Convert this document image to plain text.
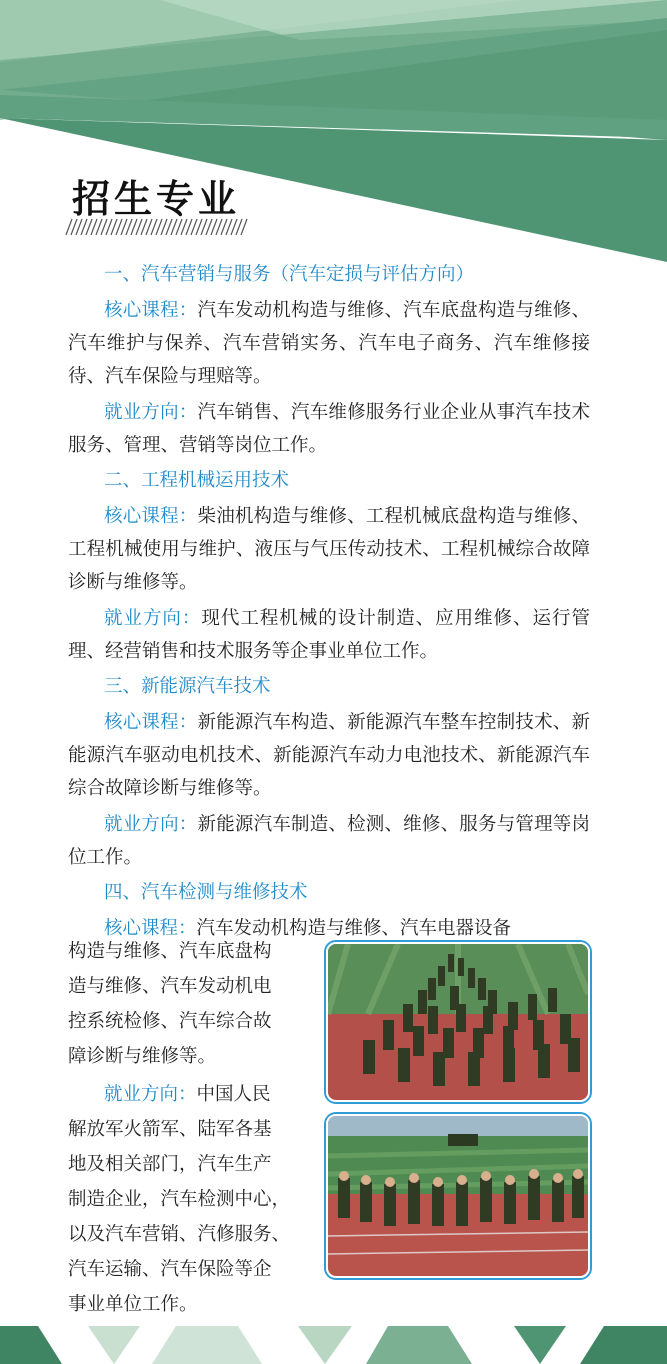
招生专业

一、汽车营销与服务（汽车定损与评估方向）

核心课程：汽车发动机构造与维修、汽车底盘构造与维修、汽车维护与保养、汽车营销实务、汽车电子商务、汽车维修接待、汽车保险与理赔等。

就业方向：汽车销售、汽车维修服务行业企业从事汽车技术服务、管理、营销等岗位工作。

二、工程机械运用技术

核心课程：柴油机构造与维修、工程机械底盘构造与维修、工程机械使用与维护、液压与气压传动技术、工程机械综合故障诊断与维修等。

就业方向：现代工程机械的设计制造、应用维修、运行管理、经营销售和技术服务等企事业单位工作。

三、新能源汽车技术

核心课程：新能源汽车构造、新能源汽车整车控制技术、新能源汽车驱动电机技术、新能源汽车动力电池技术、新能源汽车综合故障诊断与维修等。

就业方向：新能源汽车制造、检测、维修、服务与管理等岗位工作。

四、汽车检测与维修技术

核心课程：汽车发动机构造与维修、汽车电器设备

构造与维修、汽车底盘构
造与维修、汽车发动机电
控系统检修、汽车综合故
障诊断与维修等。
就业方向：中国人民
解放军火箭军、陆军各基
地及相关部门，汽车生产
制造企业，汽车检测中心，
以及汽车营销、汽修服务、
汽车运输、汽车保险等企
事业单位工作。
